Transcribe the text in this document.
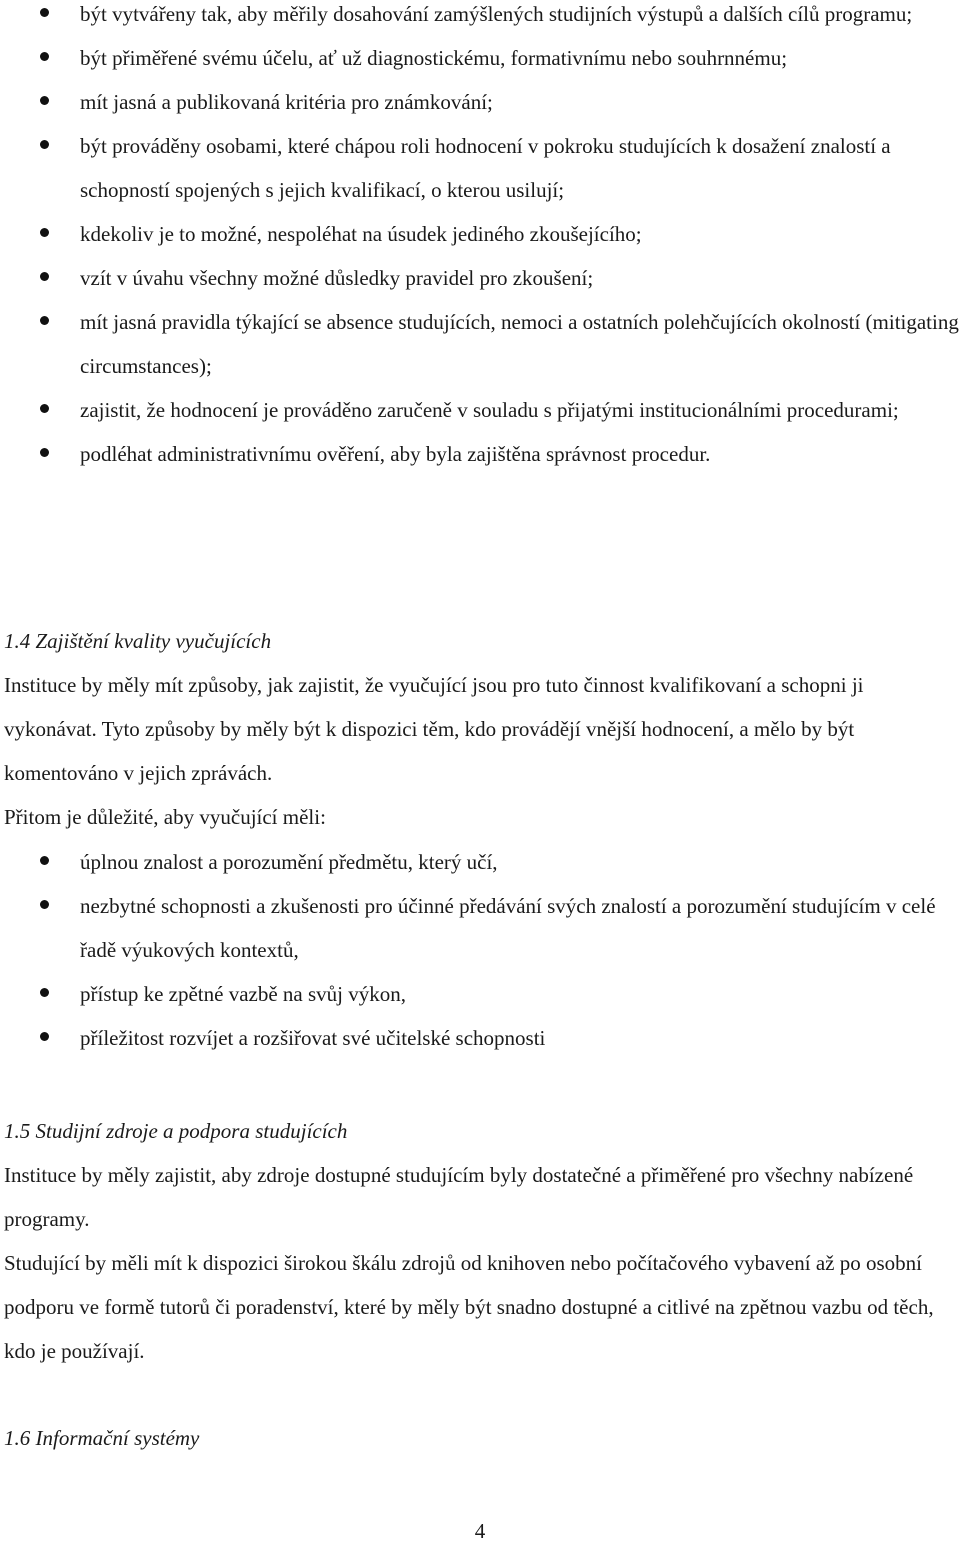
být vytvářeny tak, aby měřily dosahování zamýšlených studijních výstupů a dalších cílů programu;
být přiměřené svému účelu, ať už diagnostickému, formativnímu nebo souhrnnému;
mít jasná a publikovaná kritéria pro známkování;
být prováděny osobami, které chápou roli hodnocení v pokroku studujících k dosažení znalostí a schopností spojených s jejich kvalifikací, o kterou usilují;
kdekoliv je to možné, nespoléhat na úsudek jediného zkoušejícího;
vzít v úvahu všechny možné důsledky pravidel pro zkoušení;
mít jasná pravidla týkající se absence studujících, nemoci a ostatních polehčujících okolností (mitigating circumstances);
zajistit, že hodnocení je prováděno zaručeně v souladu s přijatými institucionálními procedurami;
podléhat administrativnímu ověření, aby byla zajištěna správnost procedur.
1.4 Zajištění kvality vyučujících

Instituce by měly mít způsoby, jak zajistit, že vyučující jsou pro tuto činnost kvalifikovaní a schopni ji vykonávat. Tyto způsoby by měly být k dispozici těm, kdo provádějí vnější hodnocení, a mělo by být komentováno v jejich zprávách.

Přitom je důležité, aby vyučující měli:

úplnou znalost a porozumění předmětu, který učí,
nezbytné schopnosti a zkušenosti pro účinné předávání svých znalostí a porozumění studujícím v celé řadě výukových kontextů,
přístup ke zpětné vazbě na svůj výkon,
příležitost rozvíjet a rozšiřovat své učitelské schopnosti
1.5 Studijní zdroje a podpora studujících

Instituce by měly zajistit, aby zdroje dostupné studujícím byly dostatečné a přiměřené pro všechny nabízené programy.

Studující by měli mít k dispozici širokou škálu zdrojů od knihoven nebo počítačového vybavení až po osobní podporu ve formě tutorů či poradenství, které by měly být snadno dostupné a citlivé na zpětnou vazbu od těch, kdo je používají.

1.6 Informační systémy
4
